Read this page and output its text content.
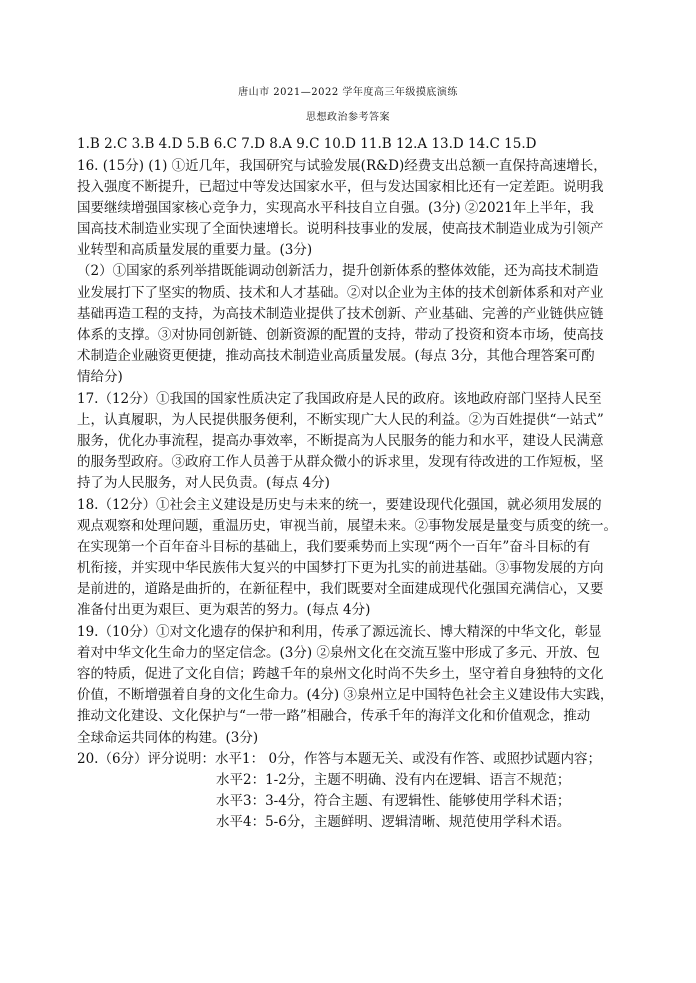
唐山市 2021—2022 学年度高三年级摸底演练
思想政治参考答案
1.B 2.C 3.B 4.D 5.B 6.C 7.D 8.A 9.C 10.D 11.B 12.A 13.D 14.C 15.D
16. (15分) (1) ①近几年，我国研究与试验发展(R&D)经费支出总额一直保持高速增长，
投入强度不断提升，已超过中等发达国家水平，但与发达国家相比还有一定差距。说明我
国要继续增强国家核心竞争力，实现高水平科技自立自强。(3分) ②2021年上半年，我
国高技术制造业实现了全面快速增长。说明科技事业的发展，使高技术制造业成为引领产
业转型和高质量发展的重要力量。(3分)
（2）①国家的系列举措既能调动创新活力，提升创新体系的整体效能，还为高技术制造
业发展打下了坚实的物质、技术和人才基础。②对以企业为主体的技术创新体系和对产业
基础再造工程的支持，为高技术制造业提供了技术创新、产业基础、完善的产业链供应链
体系的支撑。③对协同创新链、创新资源的配置的支持，带动了投资和资本市场，使高技
术制造企业融资更便捷，推动高技术制造业高质量发展。(每点 3分，其他合理答案可酌
情给分)
17.（12分）①我国的国家性质决定了我国政府是人民的政府。该地政府部门坚持人民至
上，认真履职，为人民提供服务便利，不断实现广大人民的利益。②为百姓提供“一站式”
服务，优化办事流程，提高办事效率，不断提高为人民服务的能力和水平，建设人民满意
的服务型政府。③政府工作人员善于从群众微小的诉求里，发现有待改进的工作短板，坚
持了为人民服务，对人民负责。(每点 4分)
18.（12分）①社会主义建设是历史与未来的统一，要建设现代化强国，就必须用发展的
观点观察和处理问题，重温历史，审视当前，展望未来。②事物发展是量变与质变的统一。
在实现第一个百年奋斗目标的基础上，我们要乘势而上实现“两个一百年”奋斗目标的有
机衔接，并实现中华民族伟大复兴的中国梦打下更为扎实的前进基础。③事物发展的方向
是前进的，道路是曲折的，在新征程中，我们既要对全面建成现代化强国充满信心，又要
准备付出更为艰巨、更为艰苦的努力。(每点 4分)
19.（10分）①对文化遗存的保护和利用，传承了源远流长、博大精深的中华文化，彰显
着对中华文化生命力的坚定信念。(3分) ②泉州文化在交流互鉴中形成了多元、开放、包
容的特质，促进了文化自信；跨越千年的泉州文化时尚不失乡土，坚守着自身独特的文化
价值，不断增强着自身的文化生命力。(4分) ③泉州立足中国特色社会主义建设伟大实践，
推动文化建设、文化保护与“一带一路”相融合，传承千年的海洋文化和价值观念，推动
全球命运共同体的构建。(3分)
20.（6分）评分说明：水平1： 0分，作答与本题无关、或没有作答、或照抄试题内容；
水平2：1-2分，主题不明确、没有内在逻辑、语言不规范；
水平3：3-4分，符合主题、有逻辑性、能够使用学科术语；
水平4：5-6分，主题鲜明、逻辑清晰、规范使用学科术语。
